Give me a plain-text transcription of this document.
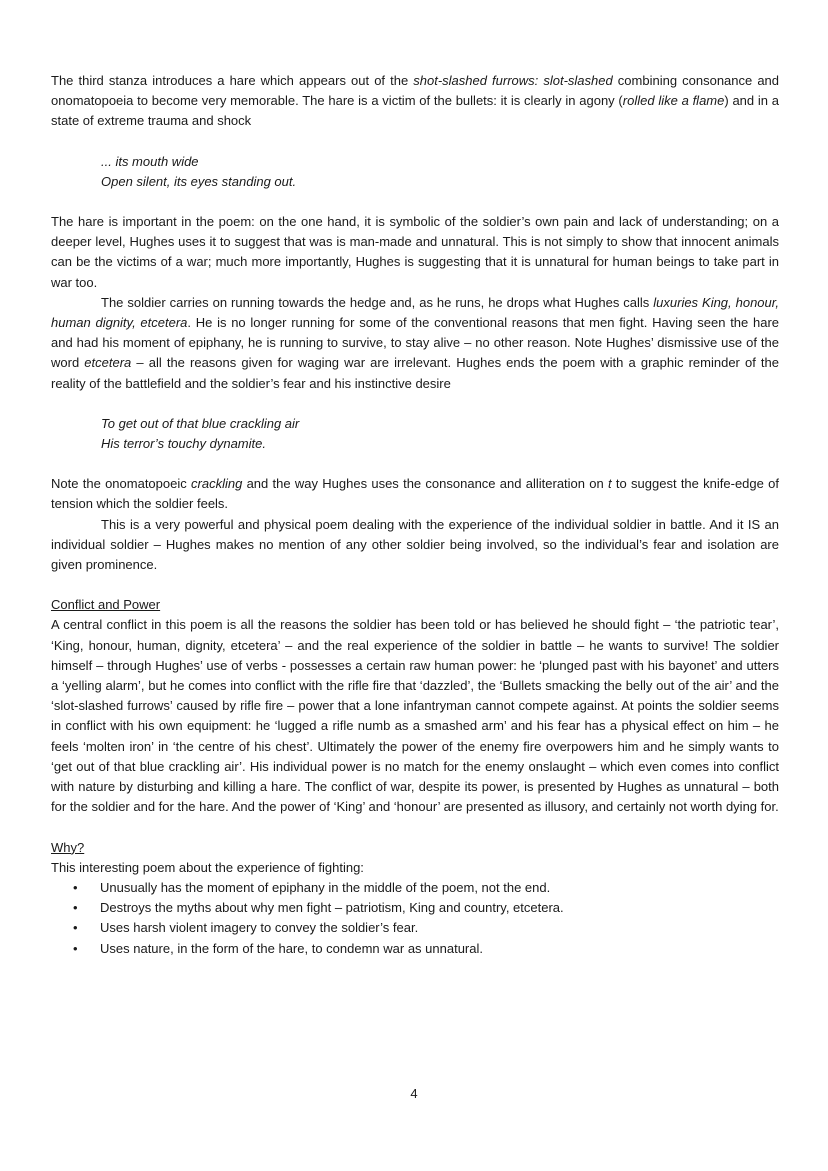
The third stanza introduces a hare which appears out of the shot-slashed furrows: slot-slashed combining consonance and onomatopoeia to become very memorable. The hare is a victim of the bullets: it is clearly in agony (rolled like a flame) and in a state of extreme trauma and shock

... its mouth wide
Open silent, its eyes standing out.

The hare is important in the poem: on the one hand, it is symbolic of the soldier’s own pain and lack of understanding; on a deeper level, Hughes uses it to suggest that was is man-made and unnatural. This is not simply to show that innocent animals can be the victims of a war; much more importantly, Hughes is suggesting that it is unnatural for human beings to take part in war too.

The soldier carries on running towards the hedge and, as he runs, he drops what Hughes calls luxuries King, honour, human dignity, etcetera. He is no longer running for some of the conventional reasons that men fight. Having seen the hare and had his moment of epiphany, he is running to survive, to stay alive – no other reason. Note Hughes’ dismissive use of the word etcetera – all the reasons given for waging war are irrelevant. Hughes ends the poem with a graphic reminder of the reality of the battlefield and the soldier’s fear and his instinctive desire

To get out of that blue crackling air
His terror’s touchy dynamite.

Note the onomatopoeic crackling and the way Hughes uses the consonance and alliteration on t to suggest the knife-edge of tension which the soldier feels.

This is a very powerful and physical poem dealing with the experience of the individual soldier in battle. And it IS an individual soldier – Hughes makes no mention of any other soldier being involved, so the individual’s fear and isolation are given prominence.

Conflict and Power

A central conflict in this poem is all the reasons the soldier has been told or has believed he should fight – ‘the patriotic tear’, ‘King, honour, human, dignity, etcetera’ – and the real experience of the soldier in battle – he wants to survive! The soldier himself – through Hughes’ use of verbs - possesses a certain raw human power: he ‘plunged past with his bayonet’ and utters a ‘yelling alarm’, but he comes into conflict with the rifle fire that ‘dazzled’, the ‘Bullets smacking the belly out of the air’ and the ‘slot-slashed furrows’ caused by rifle fire – power that a lone infantryman cannot compete against. At points the soldier seems in conflict with his own equipment: he ‘lugged a rifle numb as a smashed arm’ and his fear has a physical effect on him – he feels ‘molten iron’ in ‘the centre of his chest’. Ultimately the power of the enemy fire overpowers him and he simply wants to ‘get out of that blue crackling air’. His individual power is no match for the enemy onslaught – which even comes into conflict with nature by disturbing and killing a hare. The conflict of war, despite its power, is presented by Hughes as unnatural – both for the soldier and for the hare. And the power of ‘King’ and ‘honour’ are presented as illusory, and certainly not worth dying for.

Why?

This interesting poem about the experience of fighting:

• Unusually has the moment of epiphany in the middle of the poem, not the end.
• Destroys the myths about why men fight – patriotism, King and country, etcetera.
• Uses harsh violent imagery to convey the soldier’s fear.
• Uses nature, in the form of the hare, to condemn war as unnatural.
4
